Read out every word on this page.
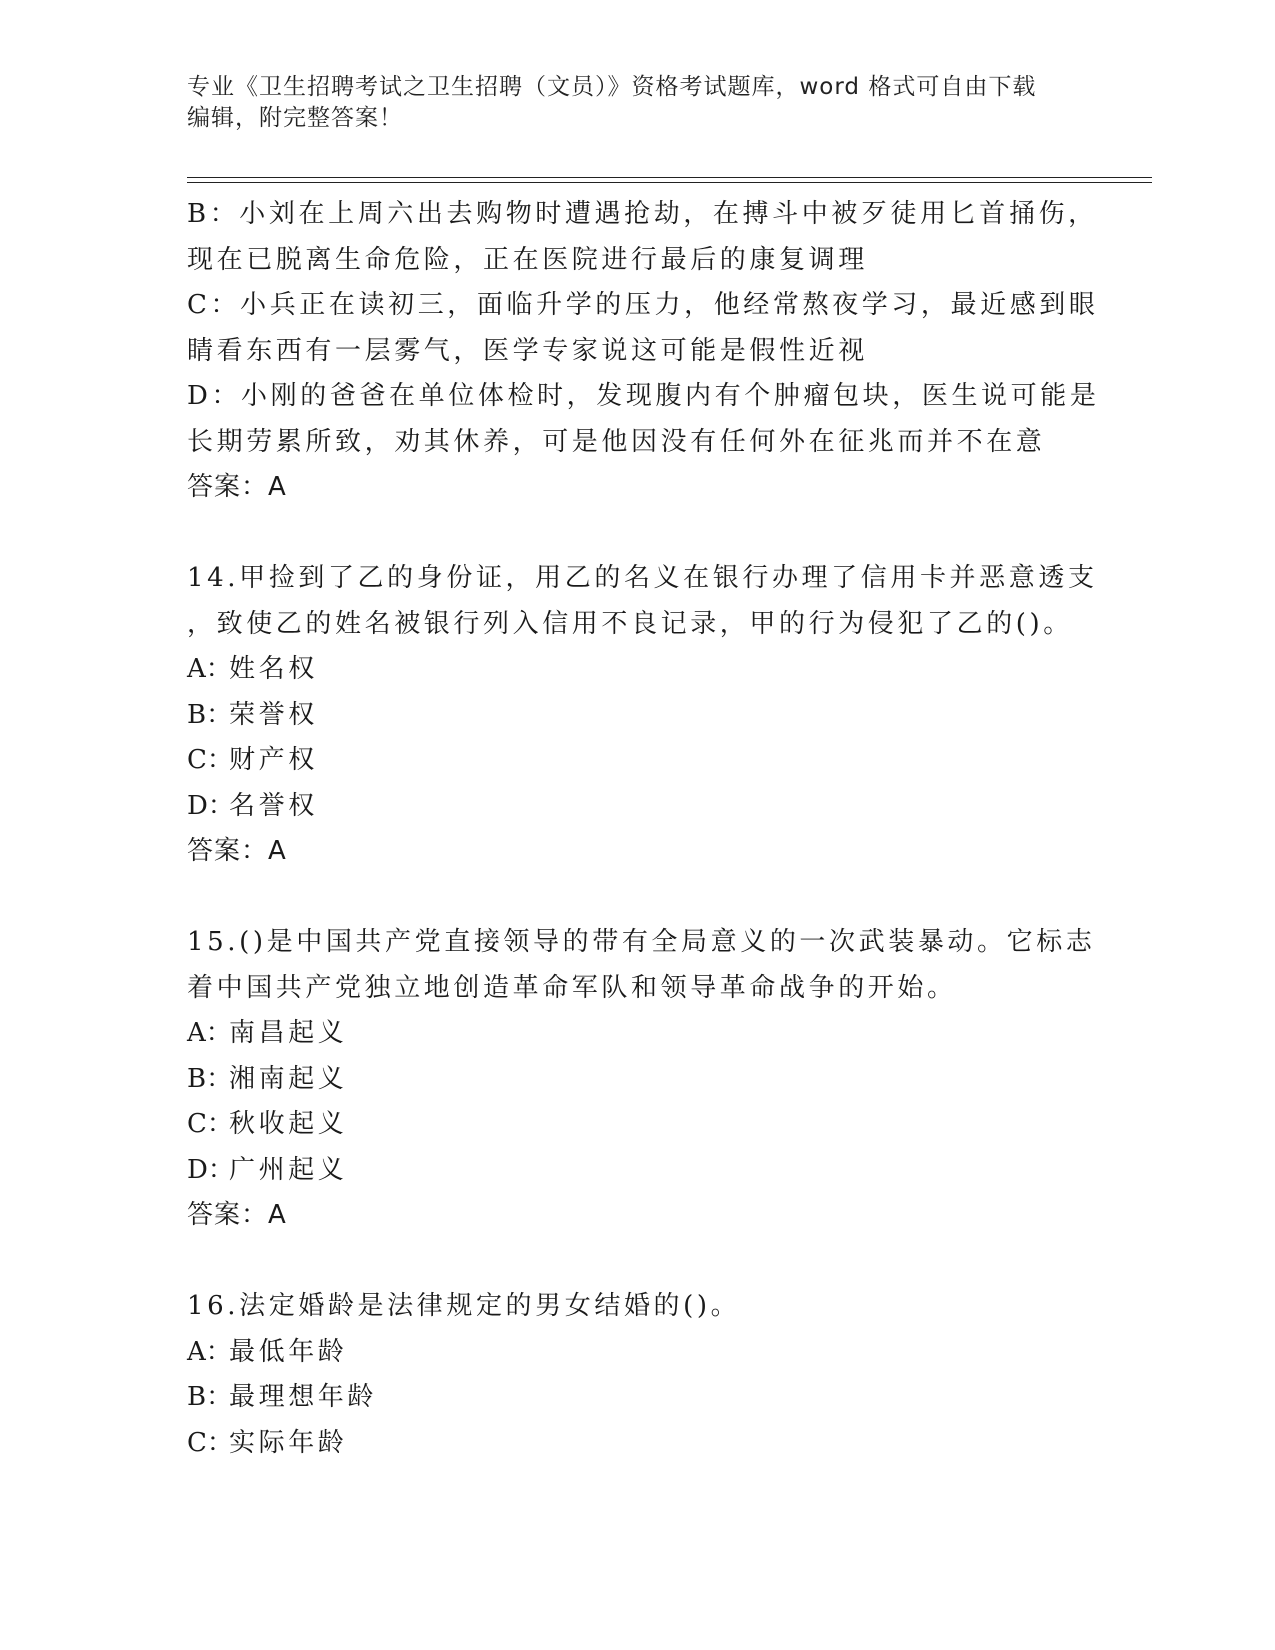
专业《卫生招聘考试之卫生招聘（文员）》资格考试题库，word 格式可自由下载
编辑，附完整答案！
B：小刘在上周六出去购物时遭遇抢劫，在搏斗中被歹徒用匕首捅伤，
现在已脱离生命危险，正在医院进行最后的康复调理
C：小兵正在读初三，面临升学的压力，他经常熬夜学习，最近感到眼
睛看东西有一层雾气，医学专家说这可能是假性近视
D：小刚的爸爸在单位体检时，发现腹内有个肿瘤包块，医生说可能是
长期劳累所致，劝其休养，可是他因没有任何外在征兆而并不在意
答案：A
14.甲捡到了乙的身份证，用乙的名义在银行办理了信用卡并恶意透支
，致使乙的姓名被银行列入信用不良记录，甲的行为侵犯了乙的()。
A：姓名权
B：荣誉权
C：财产权
D：名誉权
答案：A
15.()是中国共产党直接领导的带有全局意义的一次武装暴动。它标志
着中国共产党独立地创造革命军队和领导革命战争的开始。
A：南昌起义
B：湘南起义
C：秋收起义
D：广州起义
答案：A
16.法定婚龄是法律规定的男女结婚的()。
A：最低年龄
B：最理想年龄
C：实际年龄
